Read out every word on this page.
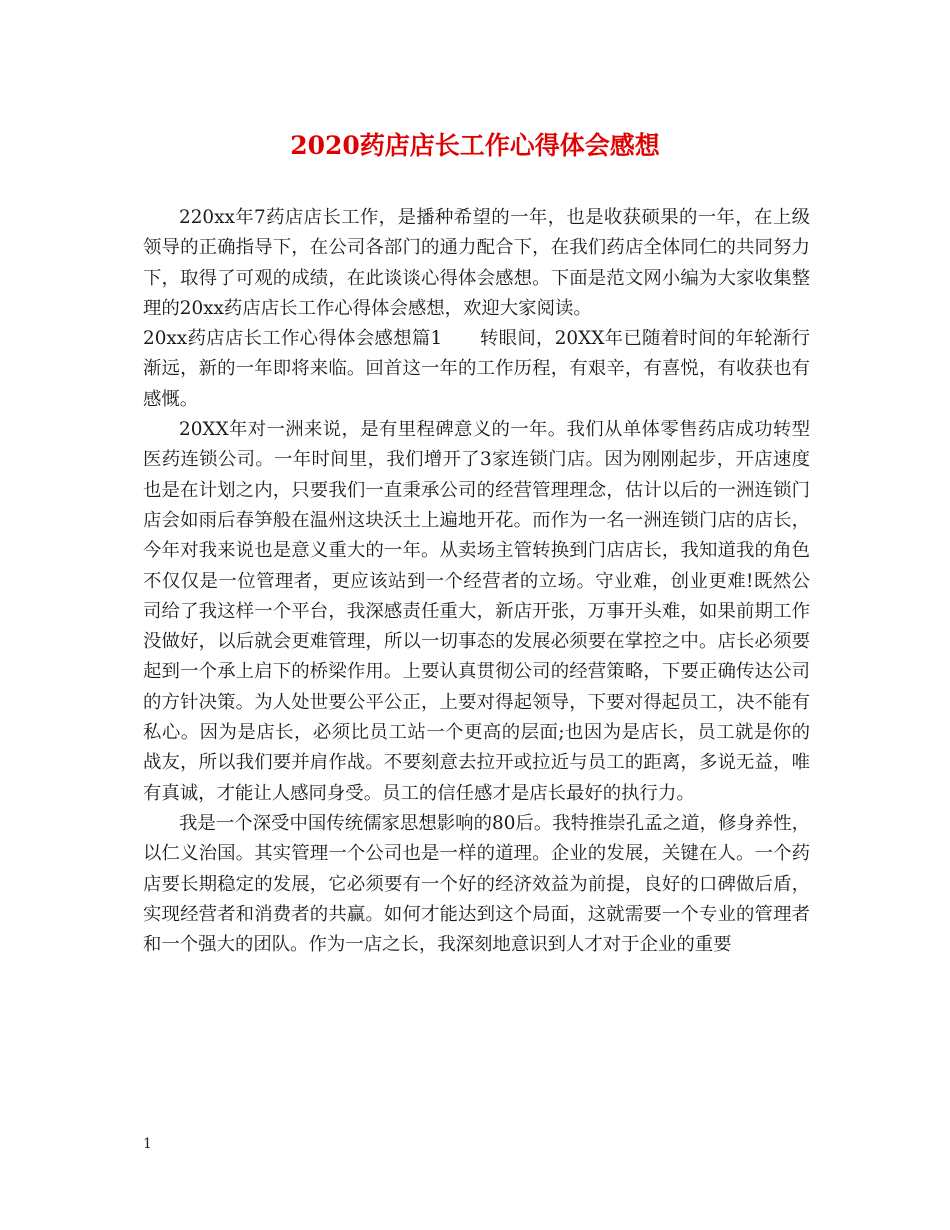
2020药店店长工作心得体会感想

220xx年7药店店长工作，是播种希望的一年，也是收获硕果的一年，在上级领导的正确指导下，在公司各部门的通力配合下，在我们药店全体同仁的共同努力下，取得了可观的成绩，在此谈谈心得体会感想。下面是范文网小编为大家收集整理的20xx药店店长工作心得体会感想，欢迎大家阅读。

20xx药店店长工作心得体会感想篇1　　转眼间，20XX年已随着时间的年轮渐行渐远，新的一年即将来临。回首这一年的工作历程，有艰辛，有喜悦，有收获也有感慨。

20XX年对一洲来说，是有里程碑意义的一年。我们从单体零售药店成功转型医药连锁公司。一年时间里，我们增开了3家连锁门店。因为刚刚起步，开店速度也是在计划之内，只要我们一直秉承公司的经营管理理念，估计以后的一洲连锁门店会如雨后春笋般在温州这块沃土上遍地开花。而作为一名一洲连锁门店的店长，今年对我来说也是意义重大的一年。从卖场主管转换到门店店长，我知道我的角色不仅仅是一位管理者，更应该站到一个经营者的立场。守业难，创业更难!既然公司给了我这样一个平台，我深感责任重大，新店开张，万事开头难，如果前期工作没做好，以后就会更难管理，所以一切事态的发展必须要在掌控之中。店长必须要起到一个承上启下的桥梁作用。上要认真贯彻公司的经营策略，下要正确传达公司的方针决策。为人处世要公平公正，上要对得起领导，下要对得起员工，决不能有私心。因为是店长，必须比员工站一个更高的层面;也因为是店长，员工就是你的战友，所以我们要并肩作战。不要刻意去拉开或拉近与员工的距离，多说无益，唯有真诚，才能让人感同身受。员工的信任感才是店长最好的执行力。

我是一个深受中国传统儒家思想影响的80后。我特推崇孔孟之道，修身养性，以仁义治国。其实管理一个公司也是一样的道理。企业的发展，关键在人。一个药店要长期稳定的发展，它必须要有一个好的经济效益为前提，良好的口碑做后盾，实现经营者和消费者的共赢。如何才能达到这个局面，这就需要一个专业的管理者和一个强大的团队。作为一店之长，我深刻地意识到人才对于企业的重要

1
